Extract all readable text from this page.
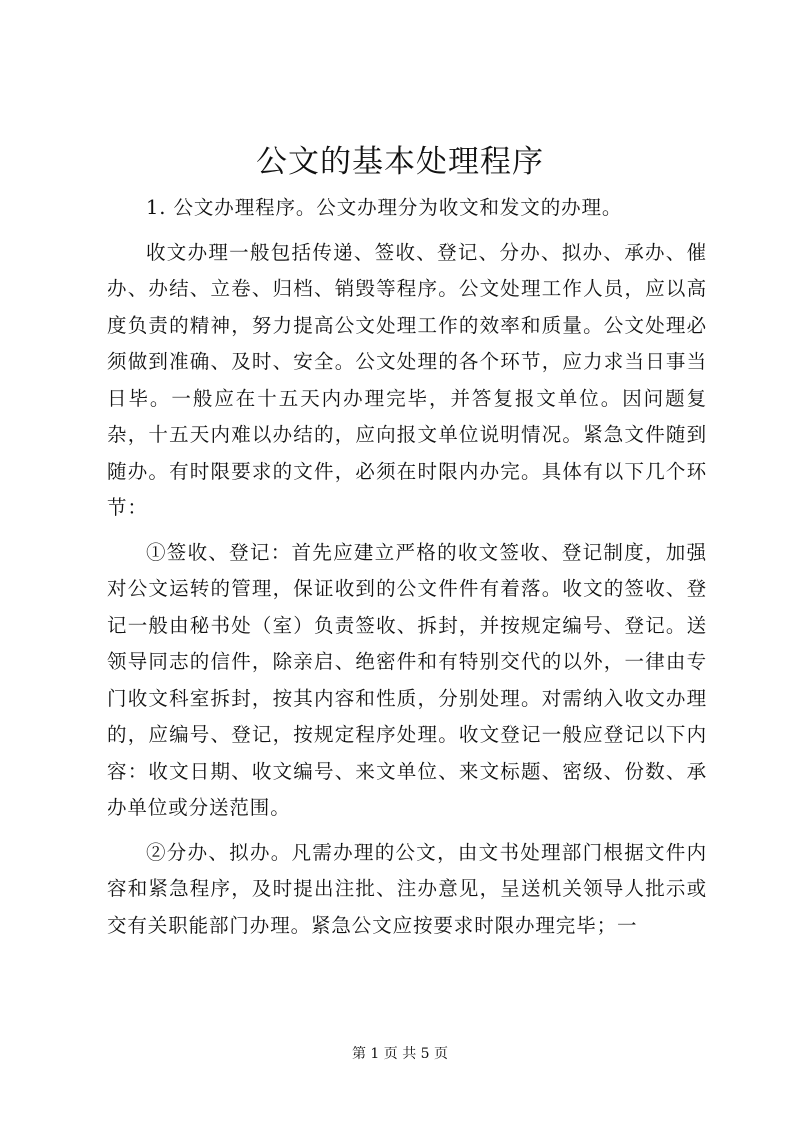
公文的基本处理程序

1. 公文办理程序。公文办理分为收文和发文的办理。

收文办理一般包括传递、签收、登记、分办、拟办、承办、催办、办结、立卷、归档、销毁等程序。公文处理工作人员，应以高度负责的精神，努力提高公文处理工作的效率和质量。公文处理必须做到准确、及时、安全。公文处理的各个环节，应力求当日事当日毕。一般应在十五天内办理完毕，并答复报文单位。因问题复杂，十五天内难以办结的，应向报文单位说明情况。紧急文件随到随办。有时限要求的文件，必须在时限内办完。具体有以下几个环节：

①签收、登记：首先应建立严格的收文签收、登记制度，加强对公文运转的管理，保证收到的公文件件有着落。收文的签收、登记一般由秘书处（室）负责签收、拆封，并按规定编号、登记。送领导同志的信件，除亲启、绝密件和有特别交代的以外，一律由专门收文科室拆封，按其内容和性质，分别处理。对需纳入收文办理的，应编号、登记，按规定程序处理。收文登记一般应登记以下内容：收文日期、收文编号、来文单位、来文标题、密级、份数、承办单位或分送范围。

②分办、拟办。凡需办理的公文，由文书处理部门根据文件内容和紧急程序，及时提出注批、注办意见，呈送机关领导人批示或交有关职能部门办理。紧急公文应按要求时限办理完毕；一

第 1 页 共 5 页
